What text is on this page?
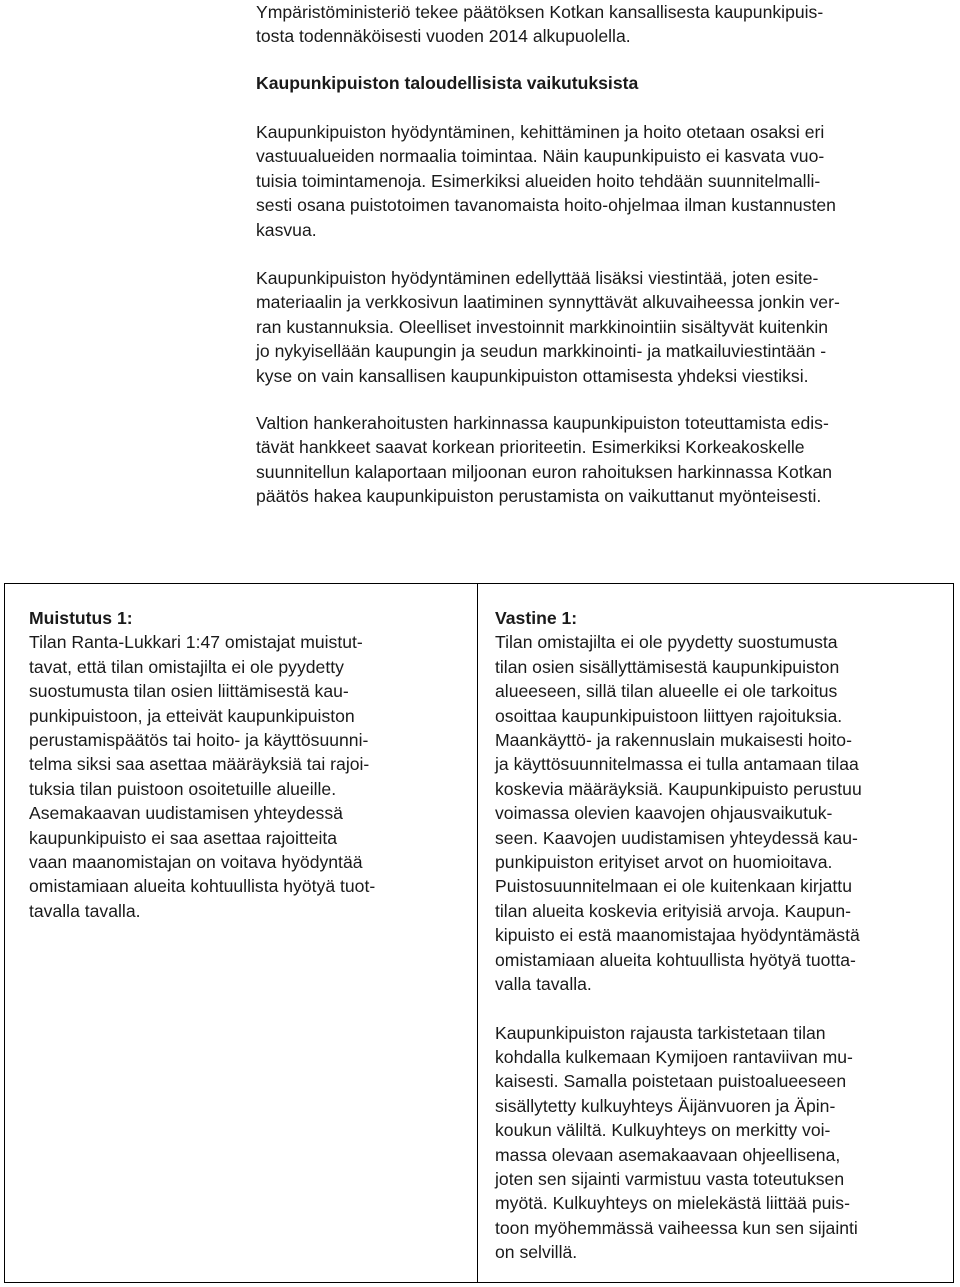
Ympäristöministeriö tekee päätöksen Kotkan kansallisesta kaupunkipuis-
tosta todennäköisesti vuoden 2014 alkupuolella.
Kaupunkipuiston taloudellisista vaikutuksista
Kaupunkipuiston hyödyntäminen, kehittäminen ja hoito otetaan osaksi eri
vastuualueiden normaalia toimintaa. Näin kaupunkipuisto ei kasvata vuo-
tuisia toimintamenoja. Esimerkiksi alueiden hoito tehdään suunnitelmalli-
sesti osana puistotoimen tavanomaista hoito-ohjelmaa ilman kustannusten
kasvua.
Kaupunkipuiston hyödyntäminen edellyttää lisäksi viestintää, joten esite-
materiaalin ja verkkosivun laatiminen synnyttävät alkuvaiheessa jonkin ver-
ran kustannuksia. Oleelliset investoinnit markkinointiin sisältyvät kuitenkin
jo nykyisellään kaupungin ja seudun markkinointi- ja matkailuviestintään -
kyse on vain kansallisen kaupunkipuiston ottamisesta yhdeksi viestiksi.
Valtion hankerahoitusten harkinnassa kaupunkipuiston toteuttamista edis-
tävät hankkeet saavat korkean prioriteetin. Esimerkiksi Korkeakoskelle
suunnitellun kalaportaan miljoonan euron rahoituksen harkinnassa Kotkan
päätös hakea kaupunkipuiston perustamista on vaikuttanut myönteisesti.
Muistutus 1:
Tilan Ranta-Lukkari 1:47 omistajat muistut-
tavat, että tilan omistajilta ei ole pyydetty
suostumusta tilan osien liittämisestä kau-
punkipuistoon, ja etteivät kaupunkipuiston
perustamispäätös tai hoito- ja käyttösuunni-
telma siksi saa asettaa määräyksiä tai rajoi-
tuksia tilan puistoon osoitetuille alueille.
Asemakaavan uudistamisen yhteydessä
kaupunkipuisto ei saa asettaa rajoitteita
vaan maanomistajan on voitava hyödyntää
omistamiaan alueita kohtuullista hyötyä tuot-
tavalla tavalla.
Vastine 1:
Tilan omistajilta ei ole pyydetty suostumusta
tilan osien sisällyttämisestä kaupunkipuiston
alueeseen, sillä tilan alueelle ei ole tarkoitus
osoittaa kaupunkipuistoon liittyen rajoituksia.
Maankäyttö- ja rakennuslain mukaisesti hoito-
ja käyttösuunnitelmassa ei tulla antamaan tilaa
koskevia määräyksiä. Kaupunkipuisto perustuu
voimassa olevien kaavojen ohjausvaikutuk-
seen. Kaavojen uudistamisen yhteydessä kau-
punkipuiston erityiset arvot on huomioitava.
Puistosuunnitelmaan ei ole kuitenkaan kirjattu
tilan alueita koskevia erityisiä arvoja. Kaupun-
kipuisto ei estä maanomistajaa hyödyntämästä
omistamiaan alueita kohtuullista hyötyä tuotta-
valla tavalla.
Kaupunkipuiston rajausta tarkistetaan tilan
kohdalla kulkemaan Kymijoen rantaviivan mu-
kaisesti. Samalla poistetaan puistoalueeseen
sisällytetty kulkuyhteys Äijänvuoren ja Äpin-
koukun väliltä. Kulkuyhteys on merkitty voi-
massa olevaan asemakaavaan ohjeellisena,
joten sen sijainti varmistuu vasta toteutuksen
myötä. Kulkuyhteys on mielekästä liittää puis-
toon myöhemmässä vaiheessa kun sen sijainti
on selvillä.
